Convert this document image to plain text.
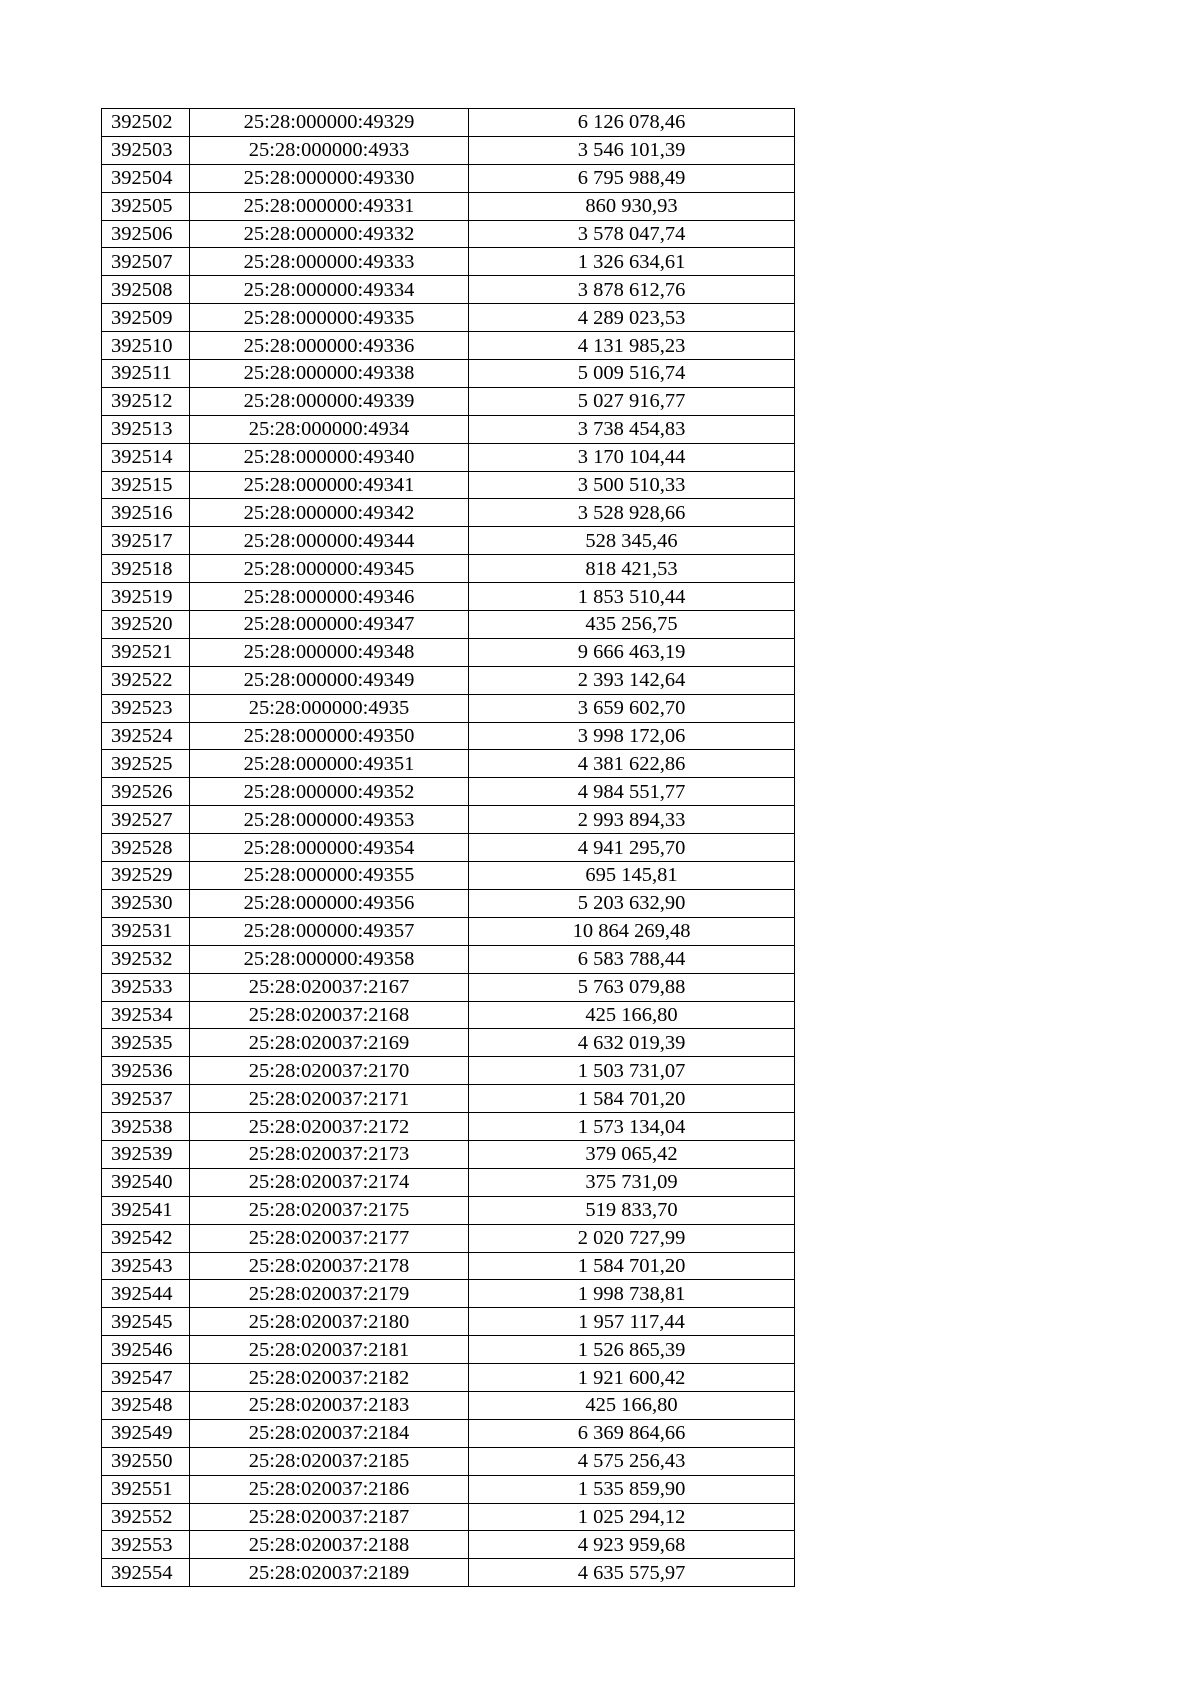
392502	25:28:000000:49329	6 126 078,46
392503	25:28:000000:4933	3 546 101,39
392504	25:28:000000:49330	6 795 988,49
392505	25:28:000000:49331	860 930,93
392506	25:28:000000:49332	3 578 047,74
392507	25:28:000000:49333	1 326 634,61
392508	25:28:000000:49334	3 878 612,76
392509	25:28:000000:49335	4 289 023,53
392510	25:28:000000:49336	4 131 985,23
392511	25:28:000000:49338	5 009 516,74
392512	25:28:000000:49339	5 027 916,77
392513	25:28:000000:4934	3 738 454,83
392514	25:28:000000:49340	3 170 104,44
392515	25:28:000000:49341	3 500 510,33
392516	25:28:000000:49342	3 528 928,66
392517	25:28:000000:49344	528 345,46
392518	25:28:000000:49345	818 421,53
392519	25:28:000000:49346	1 853 510,44
392520	25:28:000000:49347	435 256,75
392521	25:28:000000:49348	9 666 463,19
392522	25:28:000000:49349	2 393 142,64
392523	25:28:000000:4935	3 659 602,70
392524	25:28:000000:49350	3 998 172,06
392525	25:28:000000:49351	4 381 622,86
392526	25:28:000000:49352	4 984 551,77
392527	25:28:000000:49353	2 993 894,33
392528	25:28:000000:49354	4 941 295,70
392529	25:28:000000:49355	695 145,81
392530	25:28:000000:49356	5 203 632,90
392531	25:28:000000:49357	10 864 269,48
392532	25:28:000000:49358	6 583 788,44
392533	25:28:020037:2167	5 763 079,88
392534	25:28:020037:2168	425 166,80
392535	25:28:020037:2169	4 632 019,39
392536	25:28:020037:2170	1 503 731,07
392537	25:28:020037:2171	1 584 701,20
392538	25:28:020037:2172	1 573 134,04
392539	25:28:020037:2173	379 065,42
392540	25:28:020037:2174	375 731,09
392541	25:28:020037:2175	519 833,70
392542	25:28:020037:2177	2 020 727,99
392543	25:28:020037:2178	1 584 701,20
392544	25:28:020037:2179	1 998 738,81
392545	25:28:020037:2180	1 957 117,44
392546	25:28:020037:2181	1 526 865,39
392547	25:28:020037:2182	1 921 600,42
392548	25:28:020037:2183	425 166,80
392549	25:28:020037:2184	6 369 864,66
392550	25:28:020037:2185	4 575 256,43
392551	25:28:020037:2186	1 535 859,90
392552	25:28:020037:2187	1 025 294,12
392553	25:28:020037:2188	4 923 959,68
392554	25:28:020037:2189	4 635 575,97
